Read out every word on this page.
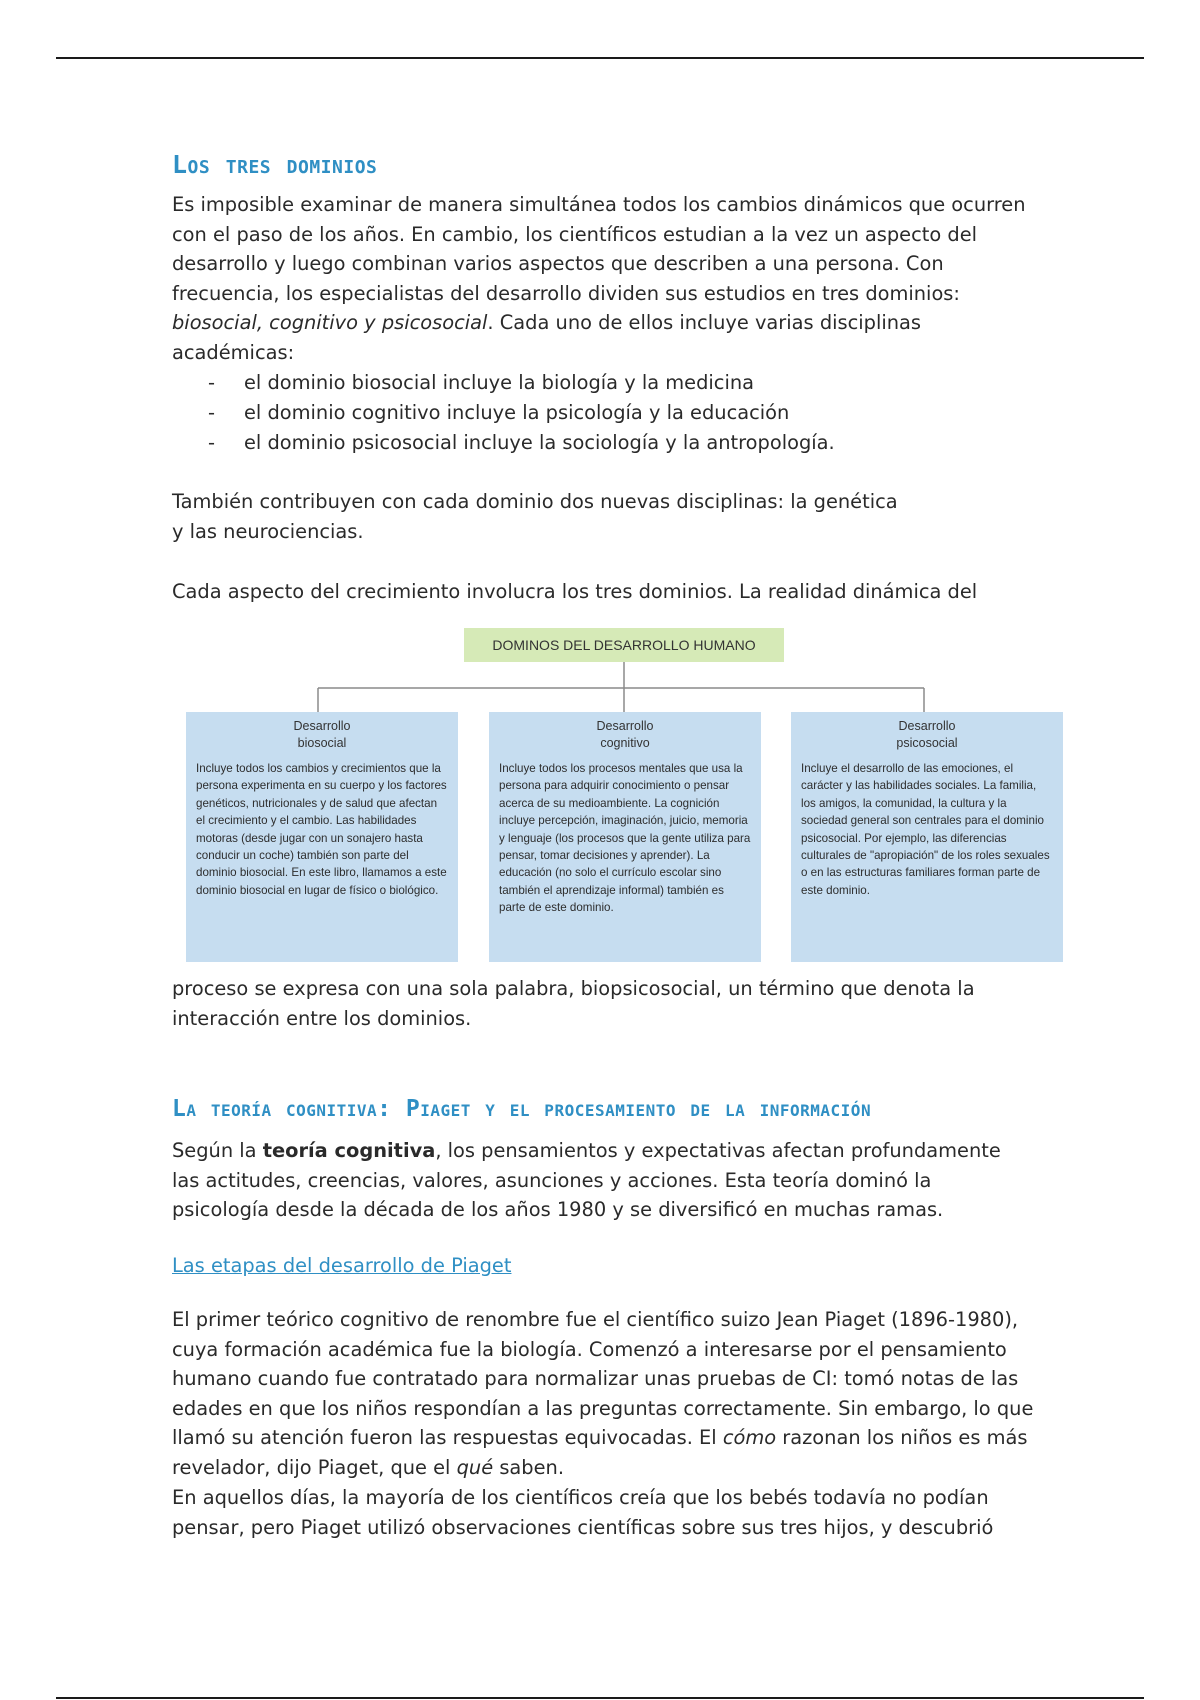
Los tres dominios

Es imposible examinar de manera simultánea todos los cambios dinámicos que ocurren con el paso de los años. En cambio, los científicos estudian a la vez un aspecto del desarrollo y luego combinan varios aspectos que describen a una persona. Con frecuencia, los especialistas del desarrollo dividen sus estudios en tres dominios: biosocial, cognitivo y psicosocial. Cada uno de ellos incluye varias disciplinas académicas:

- el dominio biosocial incluye la biología y la medicina
- el dominio cognitivo incluye la psicología y la educación
- el dominio psicosocial incluye la sociología y la antropología.

También contribuyen con cada dominio dos nuevas disciplinas: la genética y las neurociencias.

Cada aspecto del crecimiento involucra los tres dominios. La realidad dinámica del

DOMINOS DEL DESARROLLO HUMANO
Desarrollo
biosocial
Incluye todos los cambios y crecimientos que la persona experimenta en su cuerpo y los factores genéticos, nutricionales y de salud que afectan el crecimiento y el cambio. Las habilidades motoras (desde jugar con un sonajero hasta conducir un coche) también son parte del dominio biosocial. En este libro, llamamos a este dominio biosocial en lugar de físico o biológico.
Desarrollo
cognitivo
Incluye todos los procesos mentales que usa la persona para adquirir conocimiento o pensar acerca de su medioambiente. La cognición incluye percepción, imaginación, juicio, memoria y lenguaje (los procesos que la gente utiliza para pensar, tomar decisiones y aprender). La educación (no solo el currículo escolar sino también el aprendizaje informal) también es parte de este dominio.
Desarrollo
psicosocial
Incluye el desarrollo de las emociones, el carácter y las habilidades sociales. La familia, los amigos, la comunidad, la cultura y la sociedad general son centrales para el dominio psicosocial. Por ejemplo, las diferencias culturales de "apropiación" de los roles sexuales o en las estructuras familiares forman parte de este dominio.

proceso se expresa con una sola palabra, biopsicosocial, un término que denota la interacción entre los dominios.

La teoría cognitiva: Piaget y el procesamiento de la información

Según la teoría cognitiva, los pensamientos y expectativas afectan profundamente las actitudes, creencias, valores, asunciones y acciones. Esta teoría dominó la psicología desde la década de los años 1980 y se diversificó en muchas ramas.

Las etapas del desarrollo de Piaget

El primer teórico cognitivo de renombre fue el científico suizo Jean Piaget (1896-1980), cuya formación académica fue la biología. Comenzó a interesarse por el pensamiento humano cuando fue contratado para normalizar unas pruebas de CI: tomó notas de las edades en que los niños respondían a las preguntas correctamente. Sin embargo, lo que llamó su atención fueron las respuestas equivocadas. El cómo razonan los niños es más revelador, dijo Piaget, que el qué saben.

En aquellos días, la mayoría de los científicos creía que los bebés todavía no podían pensar, pero Piaget utilizó observaciones científicas sobre sus tres hijos, y descubrió
